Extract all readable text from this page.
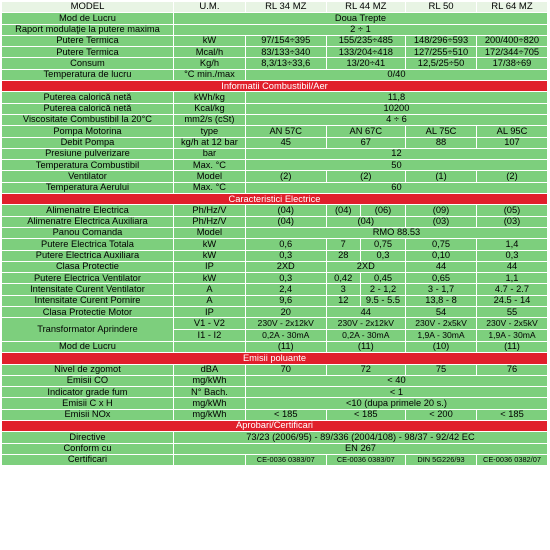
MODEL	U.M.	RL 34 MZ	RL 44 MZ		RL 50	RL 64 MZ
Mod de Lucru	Doua Trepte					
Raport modulaţie la putere maxima	2 ÷ 1					
Putere Termica	kW	97/154÷395	155/235÷485		148/296÷593	200/400÷820
Putere Termica	Mcal/h	83/133÷340	133/204÷418		127/255÷510	172/344÷705
Consum	Kg/h	8,3/13÷33,6	13/20÷41		12,5/25÷50	17/38÷69
Temperatura de lucru	°C min./max	0/40				
Informatii Combustibil/Aer						
Puterea calorică netă	kWh/kg	11,8				
Puterea calorică netă	Kcal/kg	10200				
Viscositate Combustibil la 20°C	mm2/s (cSt)	4 ÷ 6				
Pompa Motorina	type	AN 57C	AN 67C		AL 75C	AL 95C
Debit Pompa	kg/h at 12 bar	45	67		88	107
Presiune pulverizare	bar	12				
Temperatura Combustibil	Max. °C	50				
Ventilator	Model	(2)	(2)		(1)	(2)
Temperatura Aerului	Max. °C	60				
Caracteristici Electrice						
Alimenatre Electrica	Ph/Hz/V	(04)	(04)	(06)	(09)	(05)
Alimenatre Electrica Auxiliara	Ph/Hz/V	(04)	(04)		(03)	(03)
Panou Comanda	Model	RMO 88.53				
Putere Electrica Totala	kW	0,6	7	0,75	0,75	1,4
Putere Electrica Auxiliara	kW	0,3	28	0,3	0,10	0,3
Clasa Protectie	IP	2XD	2XD		44	44
Putere Electrica Ventilator	kW	0,3	0,42	0,45	0,65	1,1
Intensitate Curent Ventilator	A	2,4	3	2 - 1,2	3 - 1,7	4.7 - 2.7
Intensitate Curent Pornire	A	9,6	12	9.5 - 5.5	13,8 - 8	24.5 - 14
Clasa Protectie Motor	IP	20	44		54	55
Transformator Aprindere	V1 - V2	230V - 2x12kV	230V - 2x12kV		230V - 2x5kV	230V - 2x5kV
	I1 - I2	0,2A - 30mA	0,2A - 30mA		1,9A - 30mA	1,9A - 30mA
Mod de Lucru		(11)	(11)		(10)	(11)
Emisii poluante						
Nivel de zgomot	dBA	70	72		75	76
Emisii CO	mg/kWh	< 40				
Indicator grade fum	N° Bach.	< 1				
Emisii C x H	mg/kWh	<10 (dupa primele 20 s.)				
Emisii NOx	mg/kWh	< 185	< 185		< 200	< 185
Aprobari/Certificari						
Directive	73/23 (2006/95) - 89/336 (2004/108) - 98/37 - 92/42 EC					
Conform cu	EN 267					
Certificari		CE-0036 0383/07	CE-0036 0383/07		DIN 5G226/93	CE-0036 0382/07
